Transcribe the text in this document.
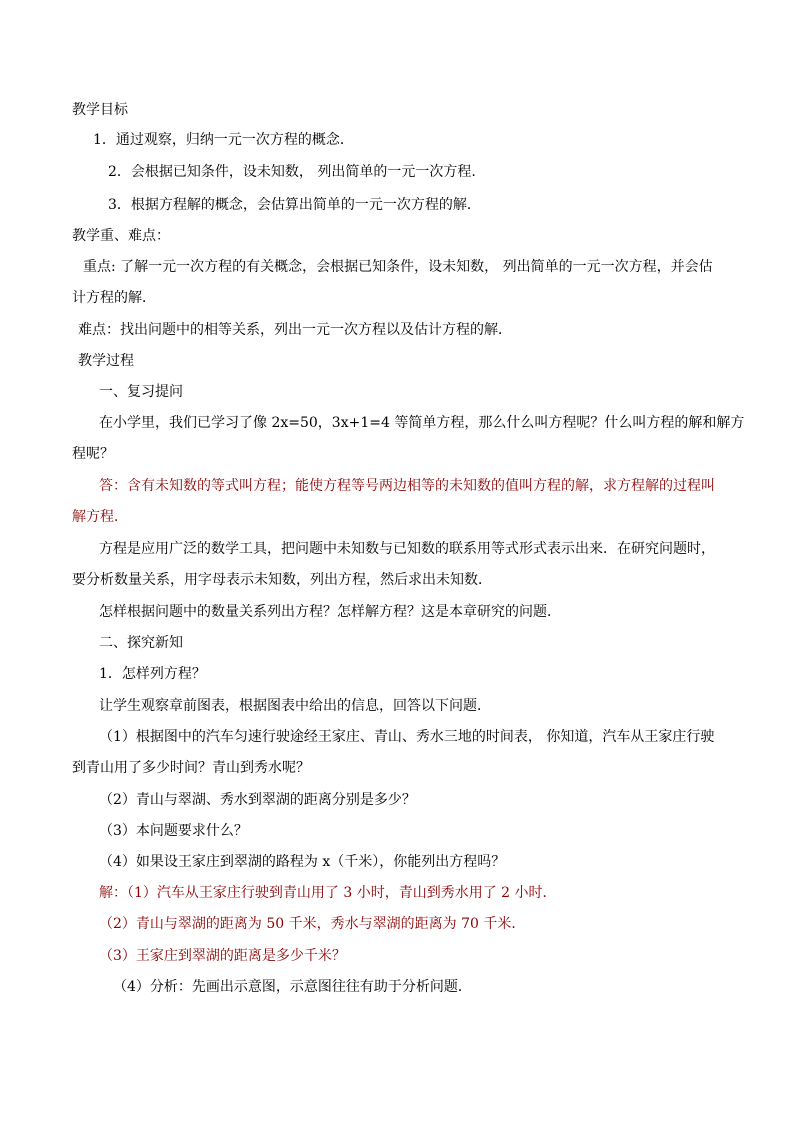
教学目标
1．通过观察，归纳一元一次方程的概念．
2．会根据已知条件，设未知数， 列出简单的一元一次方程.
3．根据方程解的概念，会估算出简单的一元一次方程的解．
教学重、难点：
重点: 了解一元一次方程的有关概念，会根据已知条件，设未知数， 列出简单的一元一次方程，并会估
计方程的解．
难点：找出问题中的相等关系，列出一元一次方程以及估计方程的解．
教学过程
一、复习提问
在小学里，我们已学习了像 2x=50，3x+1=4 等简单方程，那么什么叫方程呢？什么叫方程的解和解方
程呢？
答：含有未知数的等式叫方程；能使方程等号两边相等的未知数的值叫方程的解，求方程解的过程叫
解方程．
方程是应用广泛的数学工具，把问题中未知数与已知数的联系用等式形式表示出来．在研究问题时，
要分析数量关系，用字母表示未知数，列出方程，然后求出未知数．
怎样根据问题中的数量关系列出方程？怎样解方程？这是本章研究的问题．
二、探究新知
1．怎样列方程？
让学生观察章前图表，根据图表中给出的信息，回答以下问题．
（1）根据图中的汽车匀速行驶途经王家庄、青山、秀水三地的时间表， 你知道，汽车从王家庄行驶
到青山用了多少时间？青山到秀水呢？
（2）青山与翠湖、秀水到翠湖的距离分别是多少？
（3）本问题要求什么？
（4）如果设王家庄到翠湖的路程为 x（千米），你能列出方程吗？
解：（1）汽车从王家庄行驶到青山用了 3 小时，青山到秀水用了 2 小时．
（2）青山与翠湖的距离为 50 千米，秀水与翠湖的距离为 70 千米．
（3）王家庄到翠湖的距离是多少千米？
（4）分析：先画出示意图，示意图往往有助于分析问题．
